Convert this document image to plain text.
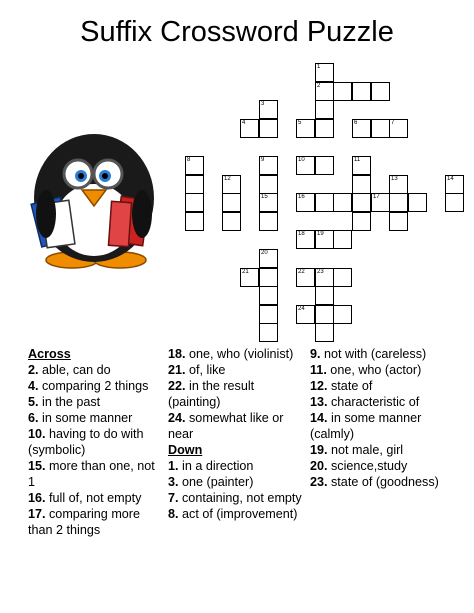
Suffix Crossword Puzzle
1
2
3
4	5	6	7
8	9	10	11
12	13	14
15	16	17
18 19
20
21	22 23
24
Across
2. able, can do
4. comparing 2 things
5. in the past
6. in some manner
10. having to do with (symbolic)
15. more than one, not 1
16. full of, not empty
17. comparing more than 2 things
18. one, who (violinist)
21. of, like
22. in the result (painting)
24. somewhat like or near
Down
1. in a direction
3. one (painter)
7. containing, not empty
8. act of (improvement)
9. not with (careless)
11. one, who (actor)
12. state of
13. characteristic of
14. in some manner (calmly)
19. not male, girl
20. science,study
23. state of (goodness)
